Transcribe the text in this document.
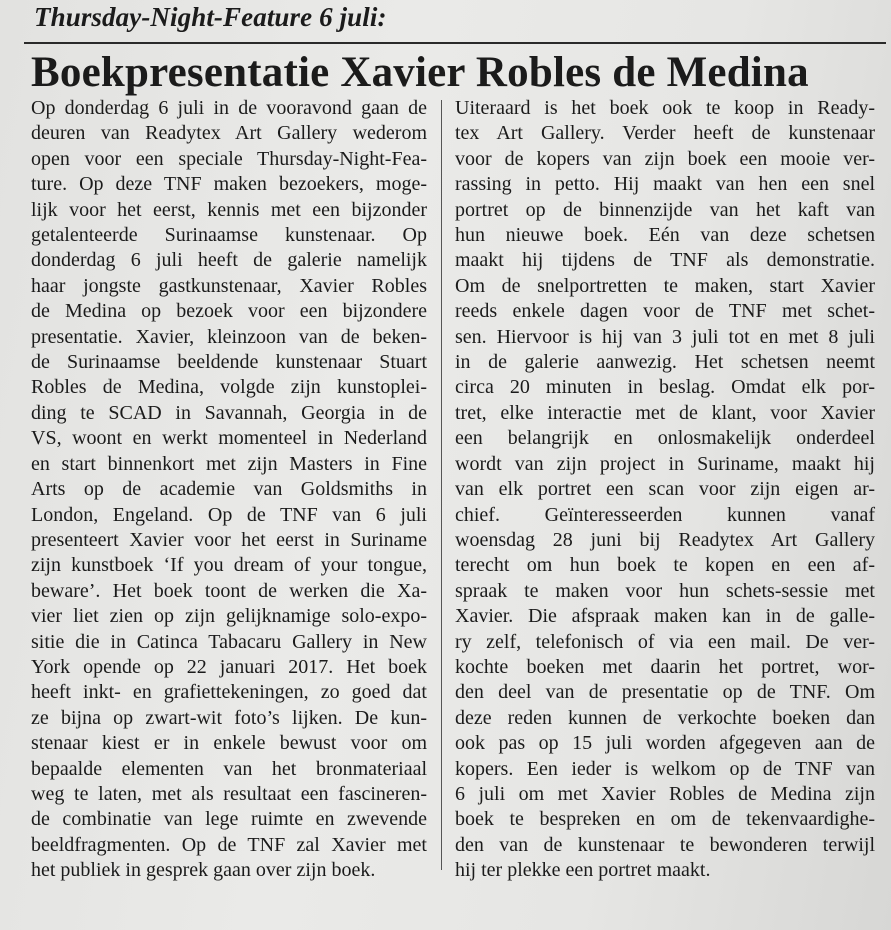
Thursday-Night-Feature 6 juli:
Boekpresentatie Xavier Robles de Medina
Op donderdag 6 juli in de vooravond gaan de
deuren van Readytex Art Gallery wederom
open voor een speciale Thursday-Night-Fea-
ture. Op deze TNF maken bezoekers, moge-
lijk voor het eerst, kennis met een bijzonder
getalenteerde Surinaamse kunstenaar. Op
donderdag 6 juli heeft de galerie namelijk
haar jongste gastkunstenaar, Xavier Robles
de Medina op bezoek voor een bijzondere
presentatie. Xavier, kleinzoon van de beken-
de Surinaamse beeldende kunstenaar Stuart
Robles de Medina, volgde zijn kunstoplei-
ding te SCAD in Savannah, Georgia in de
VS, woont en werkt momenteel in Nederland
en start binnenkort met zijn Masters in Fine
Arts op de academie van Goldsmiths in
London, Engeland. Op de TNF van 6 juli
presenteert Xavier voor het eerst in Suriname
zijn kunstboek ‘If you dream of your tongue,
beware’. Het boek toont de werken die Xa-
vier liet zien op zijn gelijknamige solo-expo-
sitie die in Catinca Tabacaru Gallery in New
York opende op 22 januari 2017. Het boek
heeft inkt- en grafiettekeningen, zo goed dat
ze bijna op zwart-wit foto’s lijken. De kun-
stenaar kiest er in enkele bewust voor om
bepaalde elementen van het bronmateriaal
weg te laten, met als resultaat een fascineren-
de combinatie van lege ruimte en zwevende
beeldfragmenten. Op de TNF zal Xavier met
het publiek in gesprek gaan over zijn boek.
Uiteraard is het boek ook te koop in Ready-
tex Art Gallery. Verder heeft de kunstenaar
voor de kopers van zijn boek een mooie ver-
rassing in petto. Hij maakt van hen een snel
portret op de binnenzijde van het kaft van
hun nieuwe boek. Eén van deze schetsen
maakt hij tijdens de TNF als demonstratie.
Om de snelportretten te maken, start Xavier
reeds enkele dagen voor de TNF met schet-
sen. Hiervoor is hij van 3 juli tot en met 8 juli
in de galerie aanwezig. Het schetsen neemt
circa 20 minuten in beslag. Omdat elk por-
tret, elke interactie met de klant, voor Xavier
een belangrijk en onlosmakelijk onderdeel
wordt van zijn project in Suriname, maakt hij
van elk portret een scan voor zijn eigen ar-
chief. Geïnteresseerden kunnen vanaf
woensdag 28 juni bij Readytex Art Gallery
terecht om hun boek te kopen en een af-
spraak te maken voor hun schets-sessie met
Xavier. Die afspraak maken kan in de galle-
ry zelf, telefonisch of via een mail. De ver-
kochte boeken met daarin het portret, wor-
den deel van de presentatie op de TNF. Om
deze reden kunnen de verkochte boeken dan
ook pas op 15 juli worden afgegeven aan de
kopers. Een ieder is welkom op de TNF van
6 juli om met Xavier Robles de Medina zijn
boek te bespreken en om de tekenvaardighe-
den van de kunstenaar te bewonderen terwijl
hij ter plekke een portret maakt.
